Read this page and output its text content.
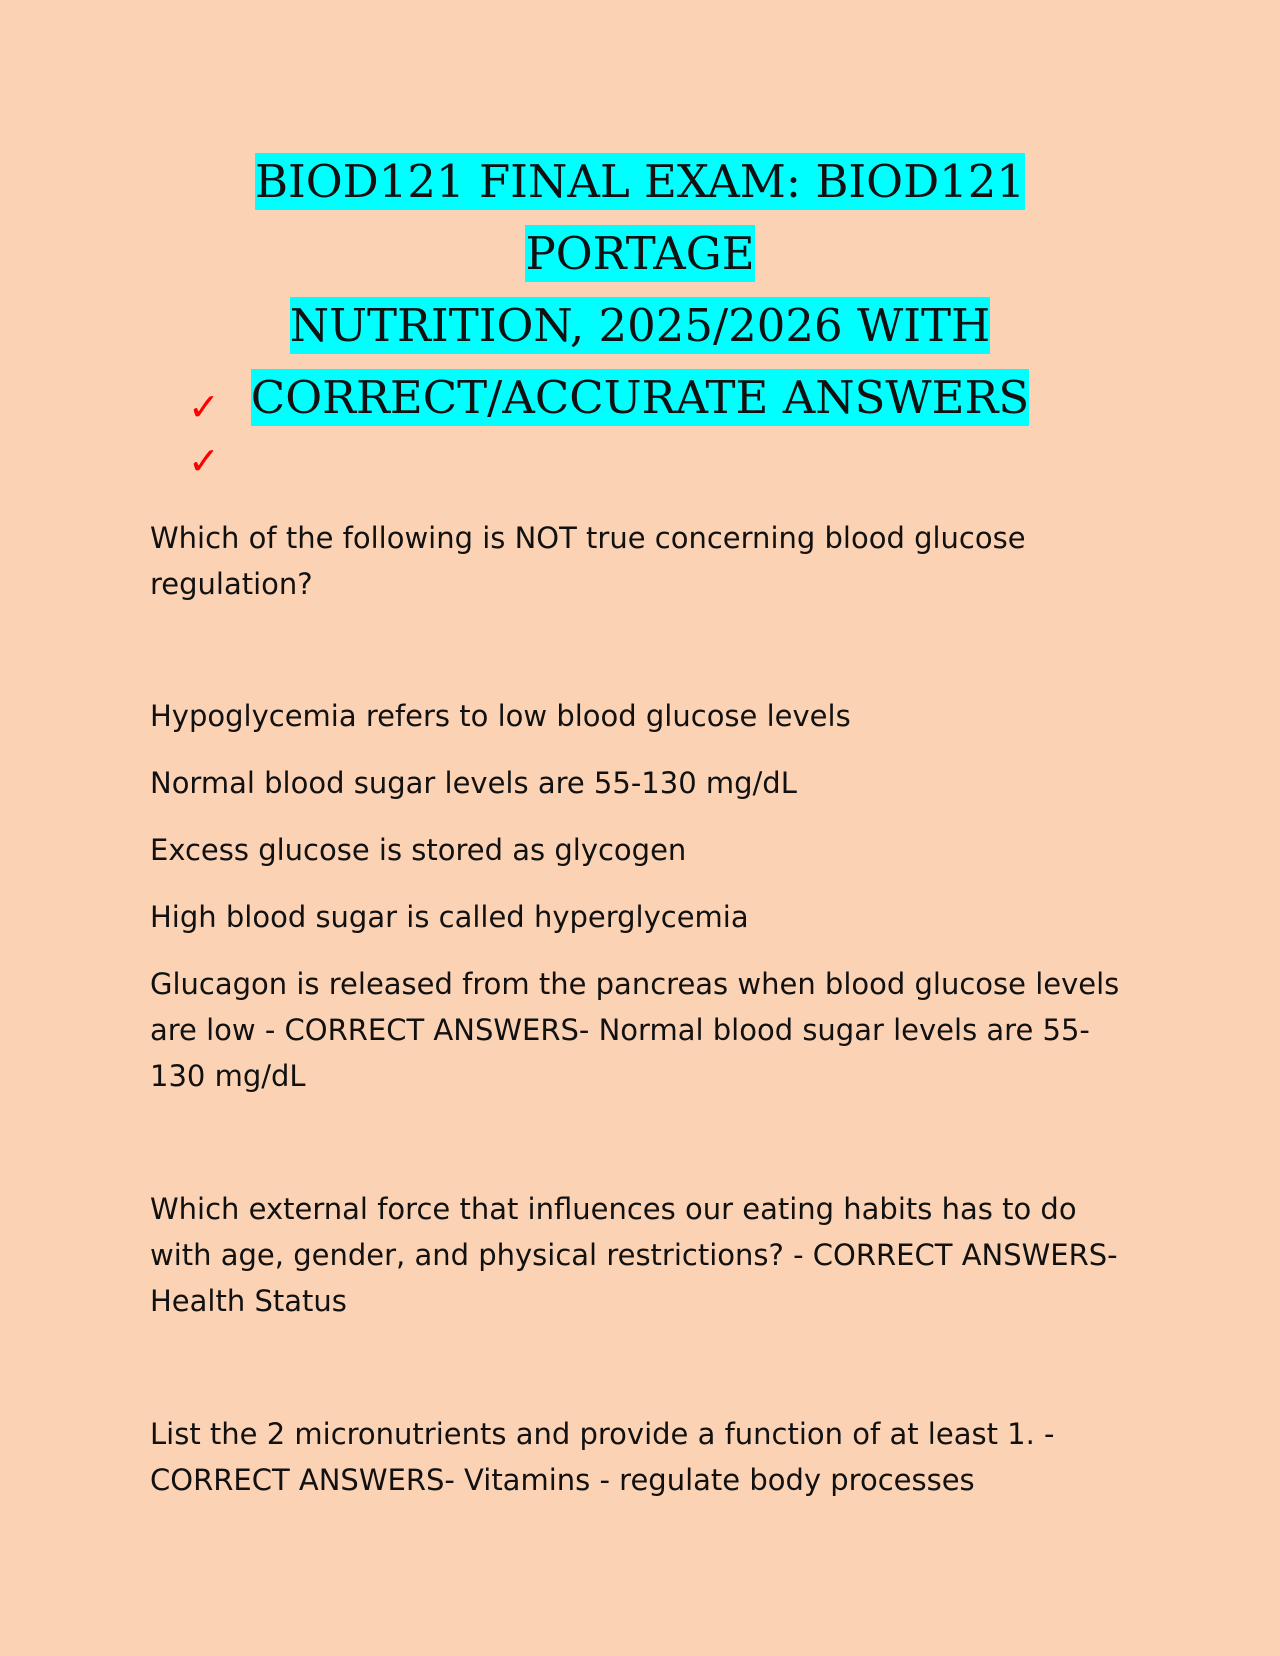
BIOD121 FINAL EXAM: BIOD121 PORTAGE
NUTRITION, 2025/2026 WITH
CORRECT/ACCURATE ANSWERS
✓
✓

Which of the following is NOT true concerning blood glucose regulation?

Hypoglycemia refers to low blood glucose levels

Normal blood sugar levels are 55-130 mg/dL

Excess glucose is stored as glycogen

High blood sugar is called hyperglycemia

Glucagon is released from the pancreas when blood glucose levels are low - CORRECT ANSWERS- Normal blood sugar levels are 55-130 mg/dL

Which external force that influences our eating habits has to do with age, gender, and physical restrictions? - CORRECT ANSWERS- Health Status

List the 2 micronutrients and provide a function of at least 1. - CORRECT ANSWERS- Vitamins - regulate body processes
